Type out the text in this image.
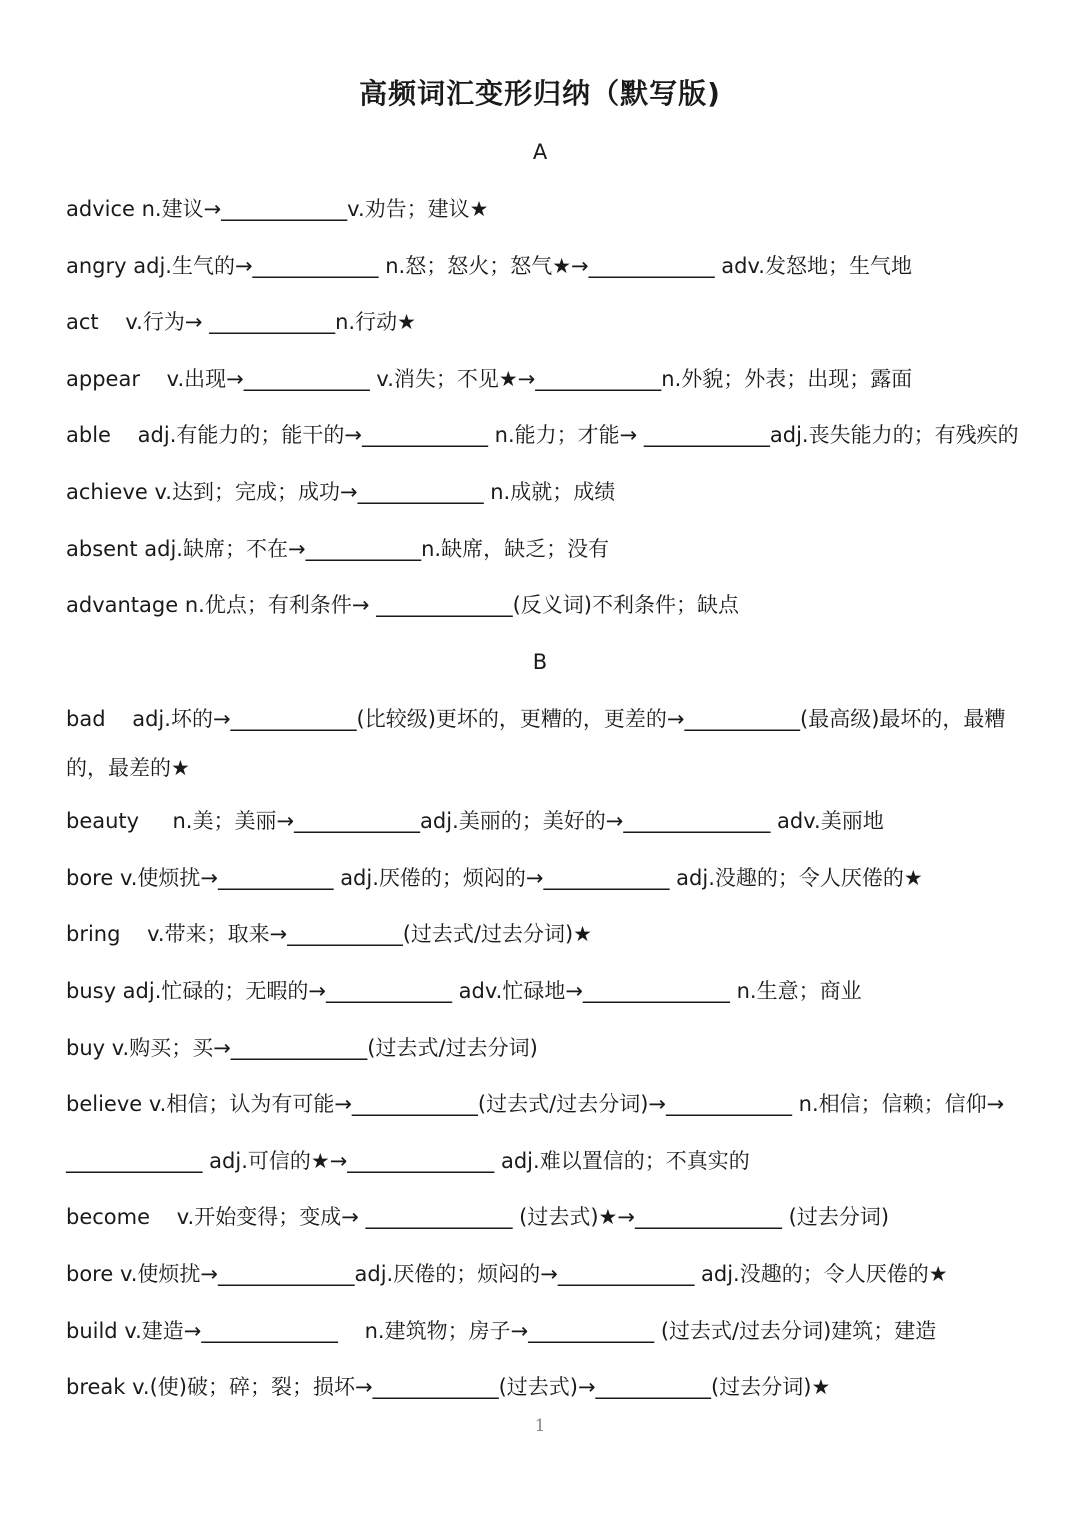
高频词汇变形归纳（默写版)
A
advice n.建议→____________v.劝告；建议★
angry adj.生气的→____________ n.怒；怒火；怒气★→____________ adv.发怒地；生气地
act    v.行为→ ____________n.行动★
appear    v.出现→____________ v.消失；不见★→____________n.外貌；外表；出现；露面
able    adj.有能力的；能干的→____________ n.能力；才能→ ____________adj.丧失能力的；有残疾的
achieve v.达到；完成；成功→____________ n.成就；成绩
absent adj.缺席；不在→___________n.缺席，缺乏；没有
advantage n.优点；有利条件→ _____________(反义词)不利条件；缺点
B
bad    adj.坏的→____________(比较级)更坏的，更糟的，更差的→___________(最高级)最坏的，最糟
的，最差的★
beauty     n.美；美丽→____________adj.美丽的；美好的→______________ adv.美丽地
bore v.使烦扰→___________ adj.厌倦的；烦闷的→____________ adj.没趣的；令人厌倦的★
bring    v.带来；取来→___________(过去式/过去分词)★
busy adj.忙碌的；无暇的→____________ adv.忙碌地→______________ n.生意；商业
buy v.购买；买→_____________(过去式/过去分词)
believe v.相信；认为有可能→____________(过去式/过去分词)→____________ n.相信；信赖；信仰→
_____________ adj.可信的★→______________ adj.难以置信的；不真实的
become    v.开始变得；变成→ ______________ (过去式)★→______________ (过去分词)
bore v.使烦扰→_____________adj.厌倦的；烦闷的→_____________ adj.没趣的；令人厌倦的★
build v.建造→_____________    n.建筑物；房子→____________ (过去式/过去分词)建筑；建造
break v.(使)破；碎；裂；损坏→____________(过去式)→___________(过去分词)★
1
